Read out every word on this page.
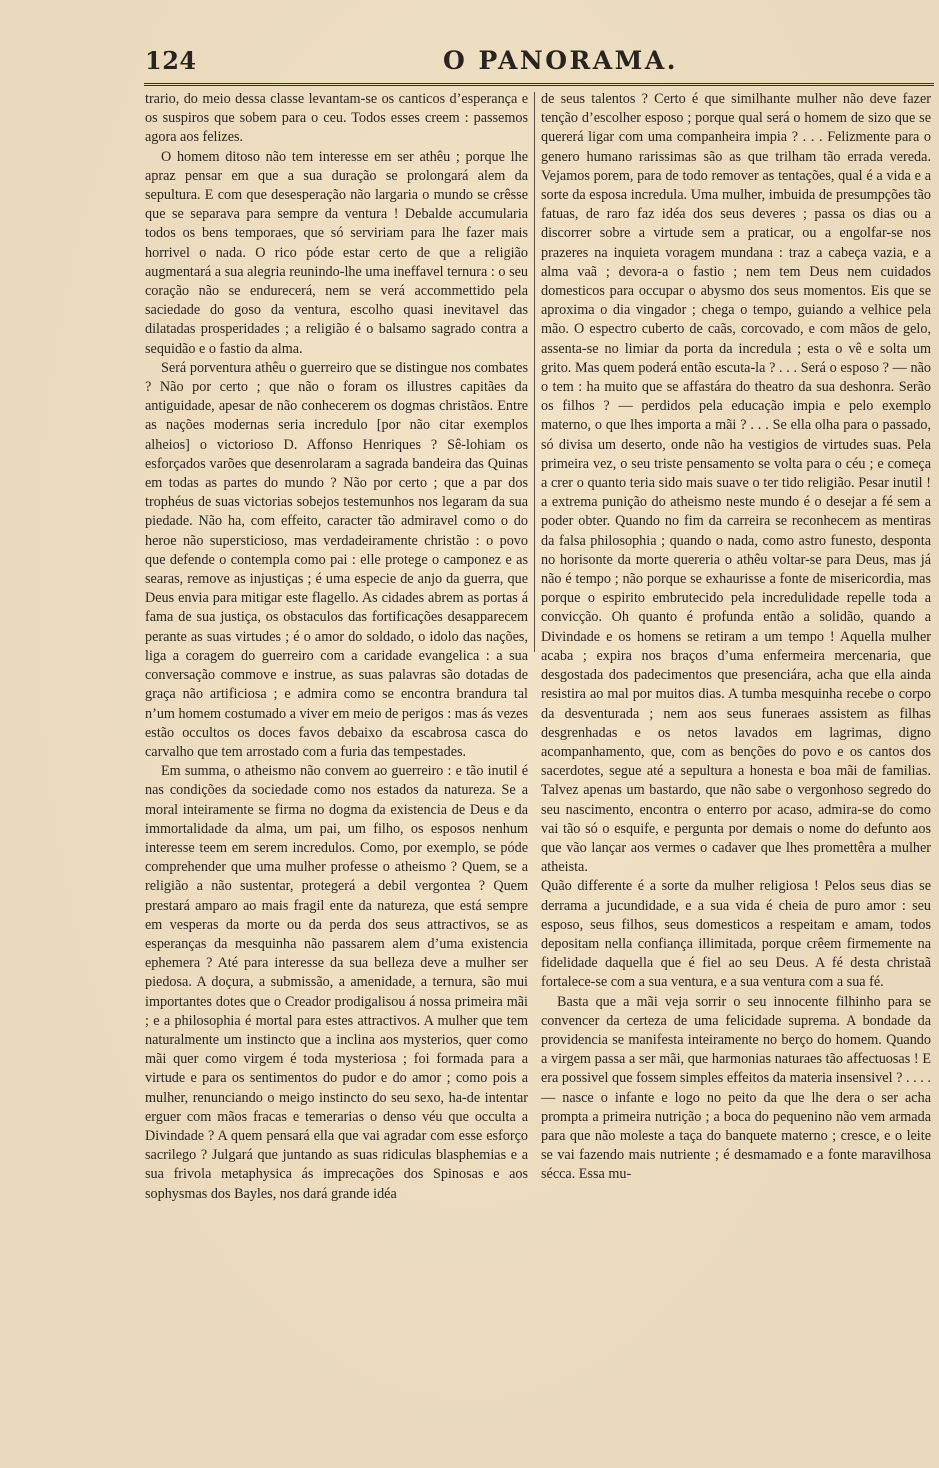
124	O PANORAMA.

trario, do meio dessa classe levantam-se os canticos d’esperança e os suspiros que sobem para o ceu. Todos esses creem : passemos agora aos felizes.

O homem ditoso não tem interesse em ser athêu ; porque lhe apraz pensar em que a sua duração se prolongará alem da sepultura. E com que desesperação não largaria o mundo se crêsse que se separava para sempre da ventura ! Debalde accumularia todos os bens temporaes, que só serviriam para lhe fazer mais horrivel o nada. O rico póde estar certo de que a religião augmentará a sua alegria reunindo-lhe uma ineffavel ternura : o seu coração não se endurecerá, nem se verá accommettido pela saciedade do goso da ventura, escolho quasi inevitavel das dilatadas prosperidades ; a religião é o balsamo sagrado contra a sequidão e o fastio da alma.

Será porventura athêu o guerreiro que se distingue nos combates ? Não por certo ; que não o foram os illustres capitães da antiguidade, apesar de não conhecerem os dogmas christãos. Entre as nações modernas seria incredulo [por não citar exemplos alheios] o victorioso D. Affonso Henriques ? Sê-lohiam os esforçados varões que desenrolaram a sagrada bandeira das Quinas em todas as partes do mundo ? Não por certo ; que a par dos trophéus de suas victorias sobejos testemunhos nos legaram da sua piedade. Não ha, com effeito, caracter tão admiravel como o do heroe não supersticioso, mas verdadeiramente christão : o povo que defende o contempla como pai : elle protege o camponez e as searas, remove as injustiças ; é uma especie de anjo da guerra, que Deus envia para mitigar este flagello. As cidades abrem as portas á fama de sua justiça, os obstaculos das fortificações desapparecem perante as suas virtudes ; é o amor do soldado, o idolo das nações, liga a coragem do guerreiro com a caridade evangelica : a sua conversação commove e instrue, as suas palavras são dotadas de graça não artificiosa ; e admira como se encontra brandura tal n’um homem costumado a viver em meio de perigos : mas ás vezes estão occultos os doces favos debaixo da escabrosa casca do carvalho que tem arrostado com a furia das tempestades.

Em summa, o atheismo não convem ao guerreiro : e tão inutil é nas condições da sociedade como nos estados da natureza. Se a moral inteiramente se firma no dogma da existencia de Deus e da immortalidade da alma, um pai, um filho, os esposos nenhum interesse teem em serem incredulos. Como, por exemplo, se póde comprehender que uma mulher professe o atheismo ? Quem, se a religião a não sustentar, protegerá a debil vergontea ? Quem prestará amparo ao mais fragil ente da natureza, que está sempre em vesperas da morte ou da perda dos seus attractivos, se as esperanças da mesquinha não passarem alem d’uma existencia ephemera ? Até para interesse da sua belleza deve a mulher ser piedosa. A doçura, a submissão, a amenidade, a ternura, são mui importantes dotes que o Creador prodigalisou á nossa primeira mãi ; e a philosophia é mortal para estes attractivos. A mulher que tem naturalmente um instincto que a inclina aos mysterios, quer como mãi quer como virgem é toda mysteriosa ; foi formada para a virtude e para os sentimentos do pudor e do amor ; como pois a mulher, renunciando o meigo instincto do seu sexo, ha-de intentar erguer com mãos fracas e temerarias o denso véu que occulta a Divindade ? A quem pensará ella que vai agradar com esse esforço sacrilego ? Julgará que juntando as suas ridiculas blasphemias e a sua frivola metaphysica ás imprecações dos Spinosas e aos sophysmas dos Bayles, nos dará grande idéa

de seus talentos ? Certo é que similhante mulher não deve fazer tenção d’escolher esposo ; porque qual será o homem de sizo que se quererá ligar com uma companheira impia ? . . . Felizmente para o genero humano rarissimas são as que trilham tão errada vereda. Vejamos porem, para de todo remover as tentações, qual é a vida e a sorte da esposa incredula. Uma mulher, imbuida de presumpções tão fatuas, de raro faz idéa dos seus deveres ; passa os dias ou a discorrer sobre a virtude sem a praticar, ou a engolfar-se nos prazeres na inquieta voragem mundana : traz a cabeça vazia, e a alma vaã ; devora-a o fastio ; nem tem Deus nem cuidados domesticos para occupar o abysmo dos seus momentos. Eis que se aproxima o dia vingador ; chega o tempo, guiando a velhice pela mão. O espectro cuberto de caãs, corcovado, e com mãos de gelo, assenta-se no limiar da porta da incredula ; esta o vê e solta um grito. Mas quem poderá então escuta-la ? . . . Será o esposo ? — não o tem : ha muito que se affastára do theatro da sua deshonra. Serão os filhos ? — perdidos pela educação impia e pelo exemplo materno, o que lhes importa a mãi ? . . . Se ella olha para o passado, só divisa um deserto, onde não ha vestigios de virtudes suas. Pela primeira vez, o seu triste pensamento se volta para o céu ; e começa a crer o quanto teria sido mais suave o ter tido religião. Pesar inutil ! a extrema punição do atheismo neste mundo é o desejar a fé sem a poder obter. Quando no fim da carreira se reconhecem as mentiras da falsa philosophia ; quando o nada, como astro funesto, desponta no horisonte da morte quereria o athêu voltar-se para Deus, mas já não é tempo ; não porque se exhaurisse a fonte de misericordia, mas porque o espirito embrutecido pela incredulidade repelle toda a convicção. Oh quanto é profunda então a solidão, quando a Divindade e os homens se retiram a um tempo ! Aquella mulher acaba ; expira nos braços d’uma enfermeira mercenaria, que desgostada dos padecimentos que presenciára, acha que ella ainda resistira ao mal por muitos dias. A tumba mesquinha recebe o corpo da desventurada ; nem aos seus funeraes assistem as filhas desgrenhadas e os netos lavados em lagrimas, digno acompanhamento, que, com as benções do povo e os cantos dos sacerdotes, segue até a sepultura a honesta e boa mãi de familias. Talvez apenas um bastardo, que não sabe o vergonhoso segredo do seu nascimento, encontra o enterro por acaso, admira-se do como vai tão só o esquife, e pergunta por demais o nome do defunto aos que vão lançar aos vermes o cadaver que lhes promettêra a mulher atheista.

Quão differente é a sorte da mulher religiosa ! Pelos seus dias se derrama a jucundidade, e a sua vida é cheia de puro amor : seu esposo, seus filhos, seus domesticos a respeitam e amam, todos depositam nella confiança illimitada, porque crêem firmemente na fidelidade daquella que é fiel ao seu Deus. A fé desta christaã fortalece-se com a sua ventura, e a sua ventura com a sua fé.

Basta que a mãi veja sorrir o seu innocente filhinho para se convencer da certeza de uma felicidade suprema. A bondade da providencia se manifesta inteiramente no berço do homem. Quando a virgem passa a ser mãi, que harmonias naturaes tão affectuosas ! E era possivel que fossem simples effeitos da materia insensivel ? . . . . — nasce o infante e logo no peito da que lhe dera o ser acha prompta a primeira nutrição ; a boca do pequenino não vem armada para que não moleste a taça do banquete materno ; cresce, e o leite se vai fazendo mais nutriente ; é desmamado e a fonte maravilhosa sécca. Essa mu-
